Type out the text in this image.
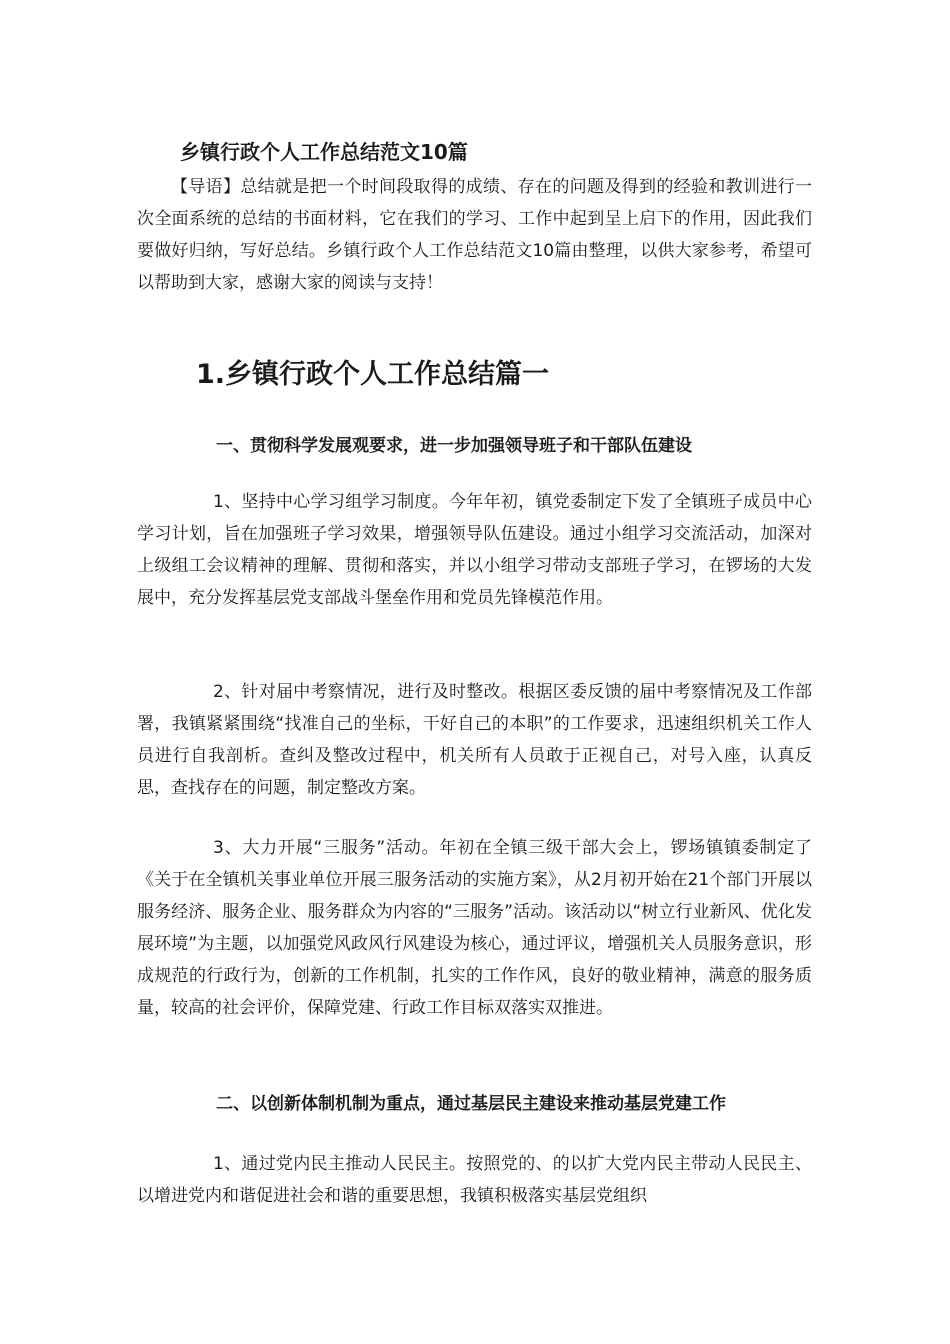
乡镇行政个人工作总结范文10篇

【导语】总结就是把一个时间段取得的成绩、存在的问题及得到的经验和教训进行一次全面系统的总结的书面材料，它在我们的学习、工作中起到呈上启下的作用，因此我们要做好归纳，写好总结。乡镇行政个人工作总结范文10篇由整理，以供大家参考，希望可以帮助到大家，感谢大家的阅读与支持！

1.乡镇行政个人工作总结篇一
一、贯彻科学发展观要求，进一步加强领导班子和干部队伍建设

1、坚持中心学习组学习制度。今年年初，镇党委制定下发了全镇班子成员中心学习计划，旨在加强班子学习效果，增强领导队伍建设。通过小组学习交流活动，加深对上级组工会议精神的理解、贯彻和落实，并以小组学习带动支部班子学习，在锣场的大发展中，充分发挥基层党支部战斗堡垒作用和党员先锋模范作用。

2、针对届中考察情况，进行及时整改。根据区委反馈的届中考察情况及工作部署，我镇紧紧围绕“找准自己的坐标，干好自己的本职”的工作要求，迅速组织机关工作人员进行自我剖析。查纠及整改过程中，机关所有人员敢于正视自己，对号入座，认真反思，查找存在的问题，制定整改方案。

3、大力开展“三服务”活动。年初在全镇三级干部大会上，锣场镇镇委制定了《关于在全镇机关事业单位开展三服务活动的实施方案》，从2月初开始在21个部门开展以服务经济、服务企业、服务群众为内容的“三服务”活动。该活动以“树立行业新风、优化发展环境”为主题，以加强党风政风行风建设为核心，通过评议，增强机关人员服务意识，形成规范的行政行为，创新的工作机制，扎实的工作作风，良好的敬业精神，满意的服务质量，较高的社会评价，保障党建、行政工作目标双落实双推进。

二、以创新体制机制为重点，通过基层民主建设来推动基层党建工作

1、通过党内民主推动人民民主。按照党的、的以扩大党内民主带动人民民主、以增进党内和谐促进社会和谐的重要思想，我镇积极落实基层党组织
